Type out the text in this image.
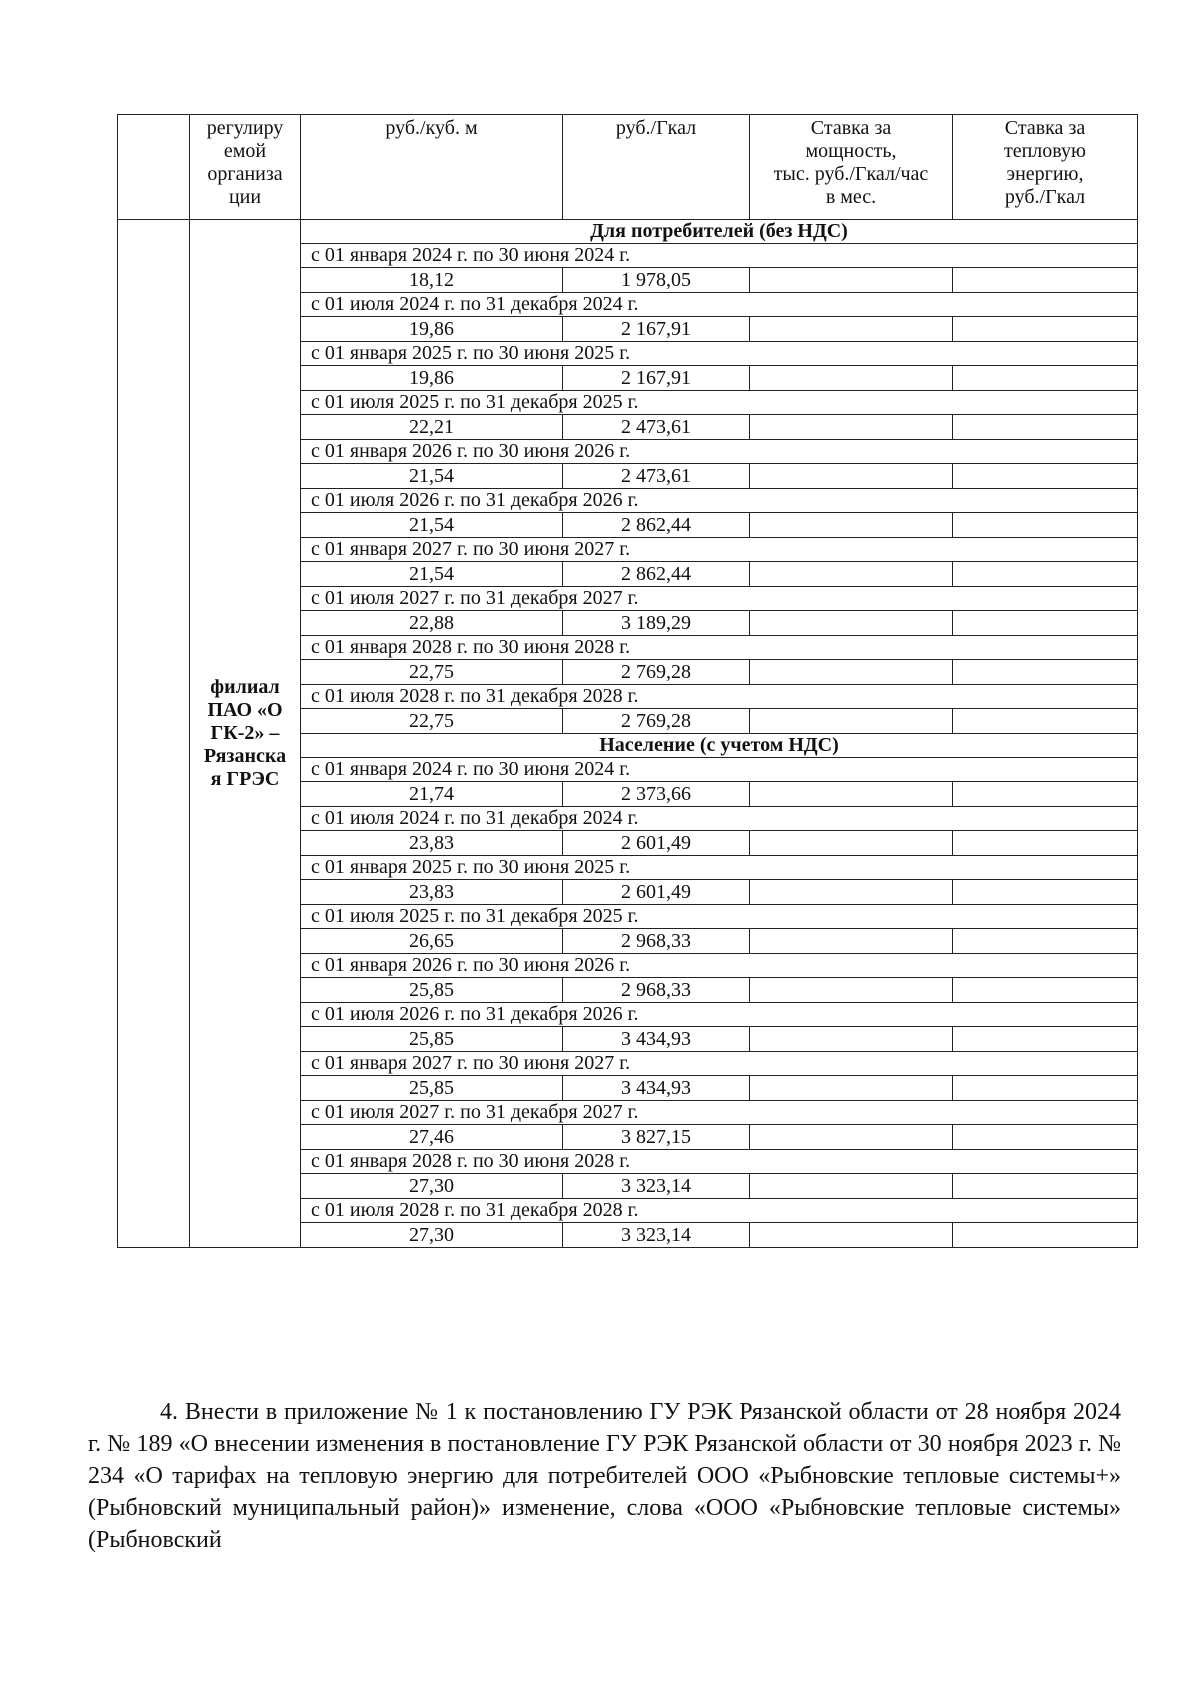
	регулиру
емой
организа
ции	руб./куб. м	руб./Гкал	Ставка за
мощность,
тыс. руб./Гкал/час
в мес.	Ставка за
тепловую
энергию,
руб./Гкал
	филиал
ПАО «О
ГК-2» –
Рязанска
я ГРЭС	Для потребителей (без НДС)			
		с 01 января 2024 г. по 30 июня 2024 г.			
		18,12	1 978,05		
		с 01 июля 2024 г. по 31 декабря 2024 г.			
		19,86	2 167,91		
		с 01 января 2025 г. по 30 июня 2025 г.			
		19,86	2 167,91		
		с 01 июля 2025 г. по 31 декабря 2025 г.			
		22,21	2 473,61		
		с 01 января 2026 г. по 30 июня 2026 г.			
		21,54	2 473,61		
		с 01 июля 2026 г. по 31 декабря 2026 г.			
		21,54	2 862,44		
		с 01 января 2027 г. по 30 июня 2027 г.			
		21,54	2 862,44		
		с 01 июля 2027 г. по 31 декабря 2027 г.			
		22,88	3 189,29		
		с 01 января 2028 г. по 30 июня 2028 г.			
		22,75	2 769,28		
		с 01 июля 2028 г. по 31 декабря 2028 г.			
		22,75	2 769,28		
		Население (с учетом НДС)			
		с 01 января 2024 г. по 30 июня 2024 г.			
		21,74	2 373,66		
		с 01 июля 2024 г. по 31 декабря 2024 г.			
		23,83	2 601,49		
		с 01 января 2025 г. по 30 июня 2025 г.			
		23,83	2 601,49		
		с 01 июля 2025 г. по 31 декабря 2025 г.			
		26,65	2 968,33		
		с 01 января 2026 г. по 30 июня 2026 г.			
		25,85	2 968,33		
		с 01 июля 2026 г. по 31 декабря 2026 г.			
		25,85	3 434,93		
		с 01 января 2027 г. по 30 июня 2027 г.			
		25,85	3 434,93		
		с 01 июля 2027 г. по 31 декабря 2027 г.			
		27,46	3 827,15		
		с 01 января 2028 г. по 30 июня 2028 г.			
		27,30	3 323,14		
		с 01 июля 2028 г. по 31 декабря 2028 г.			
		27,30	3 323,14		

4. Внести в приложение № 1 к постановлению ГУ РЭК Рязанской области от 28 ноября 2024 г. № 189 «О внесении изменения в постановление ГУ РЭК Рязанской области от 30 ноября 2023 г. № 234 «О тарифах на тепловую энергию для потребителей ООО «Рыбновские тепловые системы+» (Рыбновский муниципальный район)» изменение, слова «ООО «Рыбновские тепловые системы» (Рыбновский
